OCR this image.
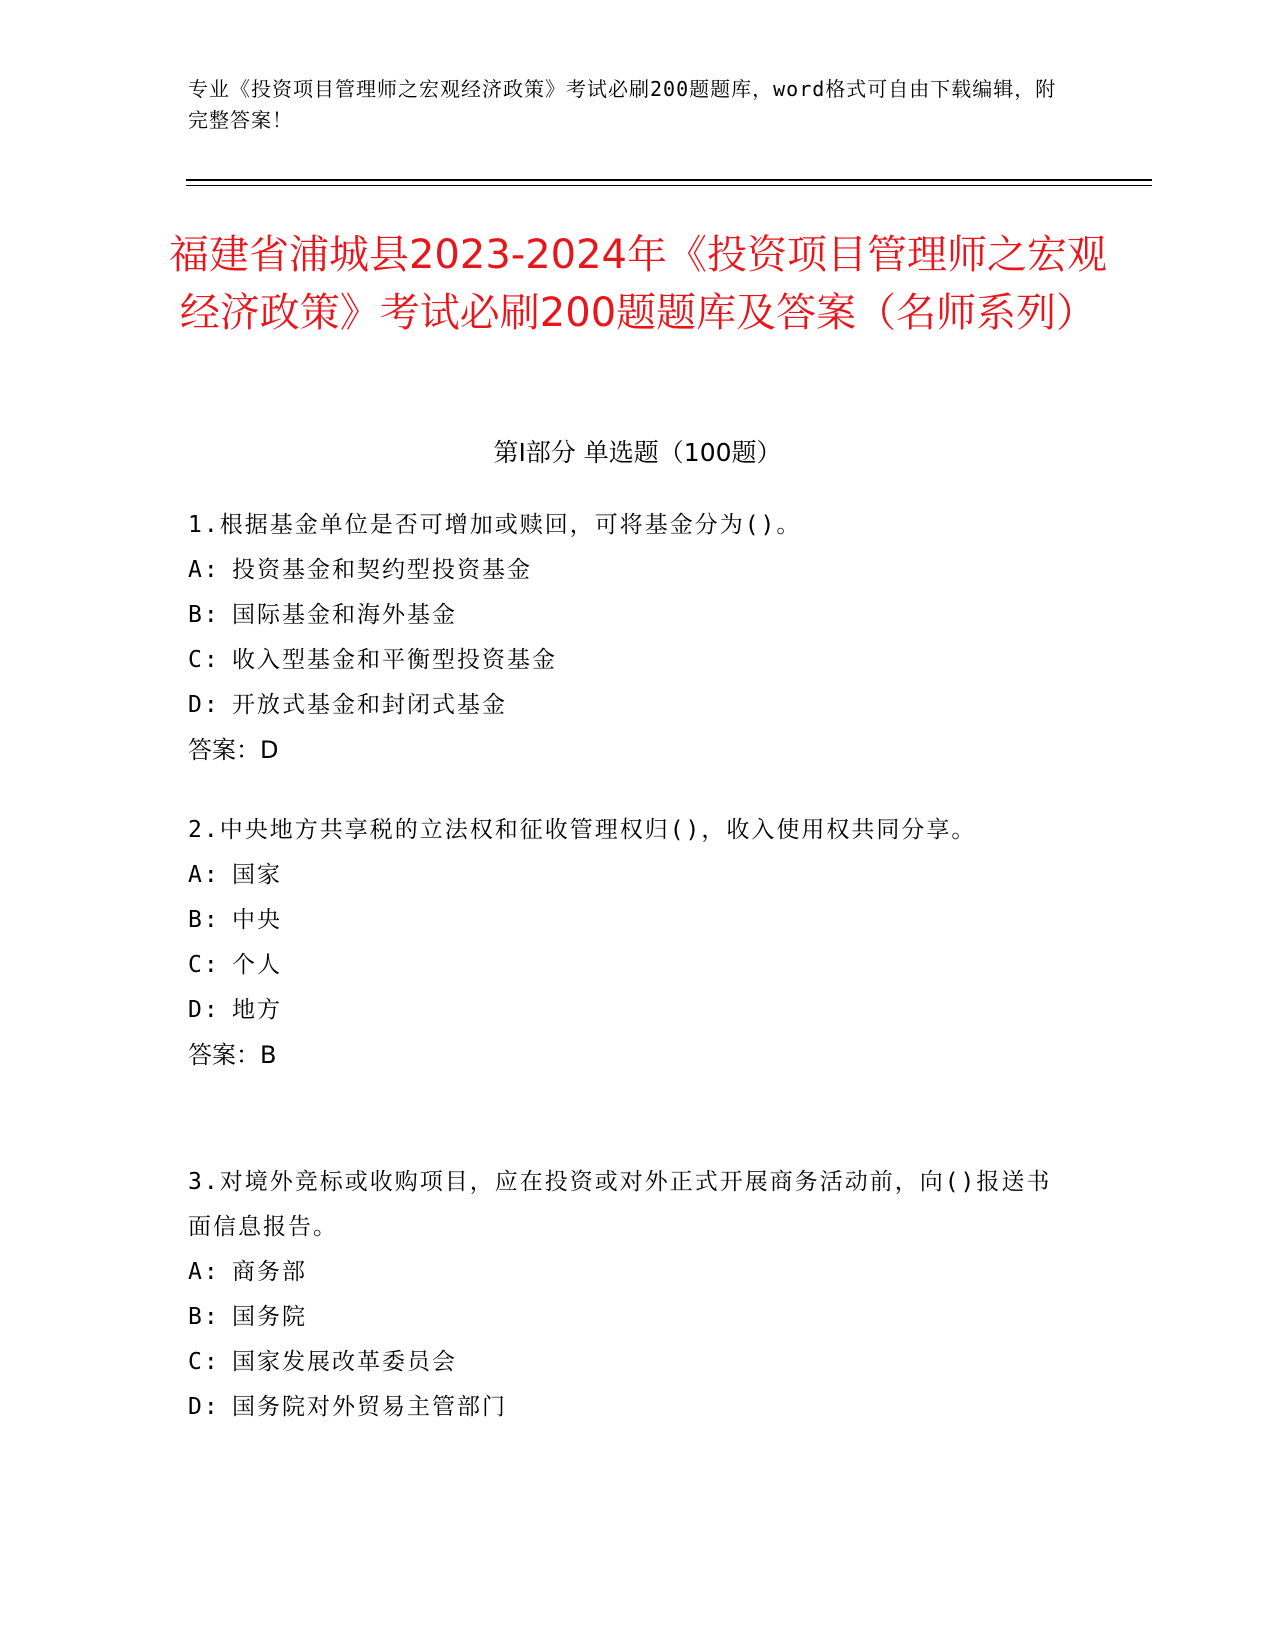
专业《投资项目管理师之宏观经济政策》考试必刷200题题库，word格式可自由下载编辑，附完整答案！
福建省浦城县2023-2024年《投资项目管理师之宏观经济政策》考试必刷200题题库及答案（名师系列）
第Ⅰ部分 单选题（100题）
1.根据基金单位是否可增加或赎回，可将基金分为()。
A: 投资基金和契约型投资基金
B: 国际基金和海外基金
C: 收入型基金和平衡型投资基金
D: 开放式基金和封闭式基金
答案：D
2.中央地方共享税的立法权和征收管理权归()，收入使用权共同分享。
A: 国家
B: 中央
C: 个人
D: 地方
答案：B
3.对境外竞标或收购项目，应在投资或对外正式开展商务活动前，向()报送书面信息报告。
A: 商务部
B: 国务院
C: 国家发展改革委员会
D: 国务院对外贸易主管部门
